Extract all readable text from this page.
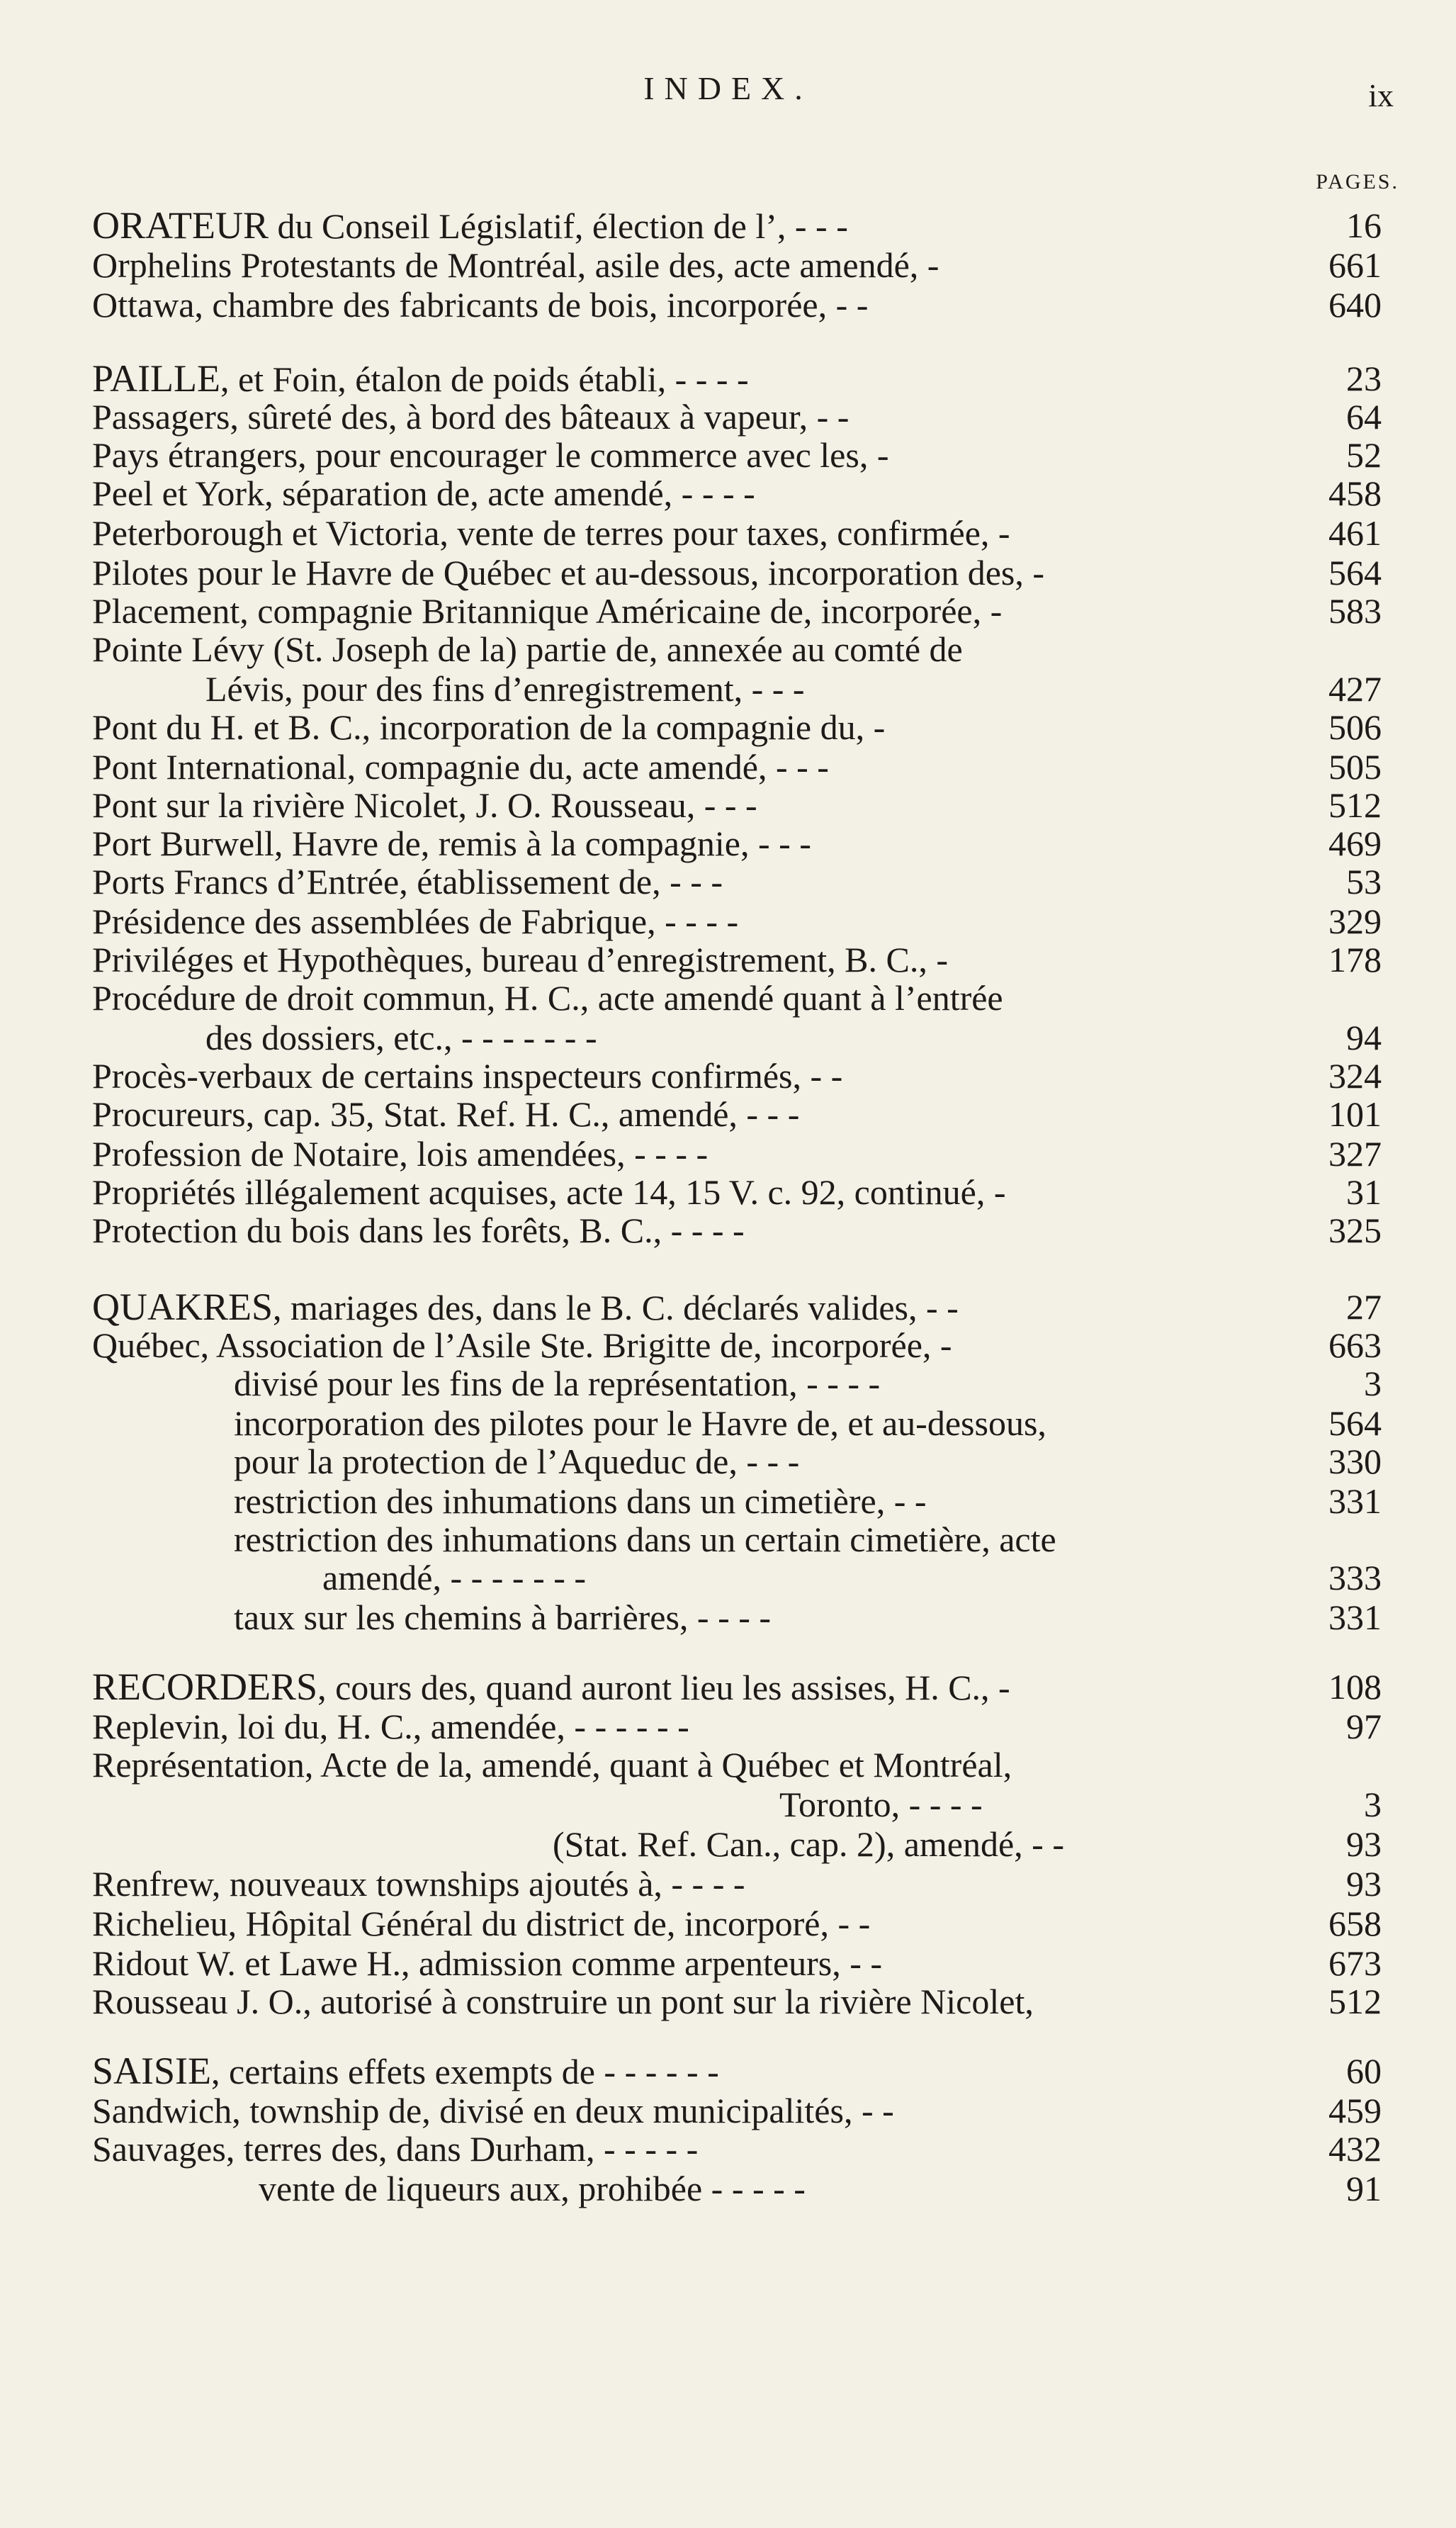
INDEX.	ix
PAGES.
ORATEUR du Conseil Législatif, élection de l’, - - -	16
Orphelins Protestants de Montréal, asile des, acte amendé, -	661
Ottawa, chambre des fabricants de bois, incorporée, - -	640
PAILLE, et Foin, étalon de poids établi, - - - -	23
Passagers, sûreté des, à bord des bâteaux à vapeur, - -	64
Pays étrangers, pour encourager le commerce avec les, -	52
Peel et York, séparation de, acte amendé, - - - -	458
Peterborough et Victoria, vente de terres pour taxes, confirmée, -	461
Pilotes pour le Havre de Québec et au-dessous, incorporation des, -	564
Placement, compagnie Britannique Américaine de, incorporée, -	583
Pointe Lévy (St. Joseph de la) partie de, annexée au comté de
Lévis, pour des fins d’enregistrement, - - -	427
Pont du H. et B. C., incorporation de la compagnie du, -	506
Pont International, compagnie du, acte amendé, - - -	505
Pont sur la rivière Nicolet, J. O. Rousseau, - - -	512
Port Burwell, Havre de, remis à la compagnie, - - -	469
Ports Francs d’Entrée, établissement de, - - -	53
Présidence des assemblées de Fabrique, - - - -	329
Priviléges et Hypothèques, bureau d’enregistrement, B. C., -	178
Procédure de droit commun, H. C., acte amendé quant à l’entrée
des dossiers, etc., - - - - - - -	94
Procès-verbaux de certains inspecteurs confirmés, - -	324
Procureurs, cap. 35, Stat. Ref. H. C., amendé, - - -	101
Profession de Notaire, lois amendées, - - - -	327
Propriétés illégalement acquises, acte 14, 15 V. c. 92, continué, -	31
Protection du bois dans les forêts, B. C., - - - -	325
QUAKRES, mariages des, dans le B. C. déclarés valides, - -	27
Québec, Association de l’Asile Ste. Brigitte de, incorporée, -	663
divisé pour les fins de la représentation, - - - -	3
incorporation des pilotes pour le Havre de, et au-dessous,	564
pour la protection de l’Aqueduc de, - - -	330
restriction des inhumations dans un cimetière, - -	331
restriction des inhumations dans un certain cimetière, acte
amendé, - - - - - - -	333
taux sur les chemins à barrières, - - - -	331
RECORDERS, cours des, quand auront lieu les assises, H. C., -	108
Replevin, loi du, H. C., amendée, - - - - - -	97
Représentation, Acte de la, amendé, quant à Québec et Montréal,
Toronto, - - - -	3
(Stat. Ref. Can., cap. 2), amendé, - -	93
Renfrew, nouveaux townships ajoutés à, - - - -	93
Richelieu, Hôpital Général du district de, incorporé, - -	658
Ridout W. et Lawe H., admission comme arpenteurs, - -	673
Rousseau J. O., autorisé à construire un pont sur la rivière Nicolet,	512
SAISIE, certains effets exempts de - - - - - -	60
Sandwich, township de, divisé en deux municipalités, - -	459
Sauvages, terres des, dans Durham, - - - - -	432
vente de liqueurs aux, prohibée - - - - -	91
